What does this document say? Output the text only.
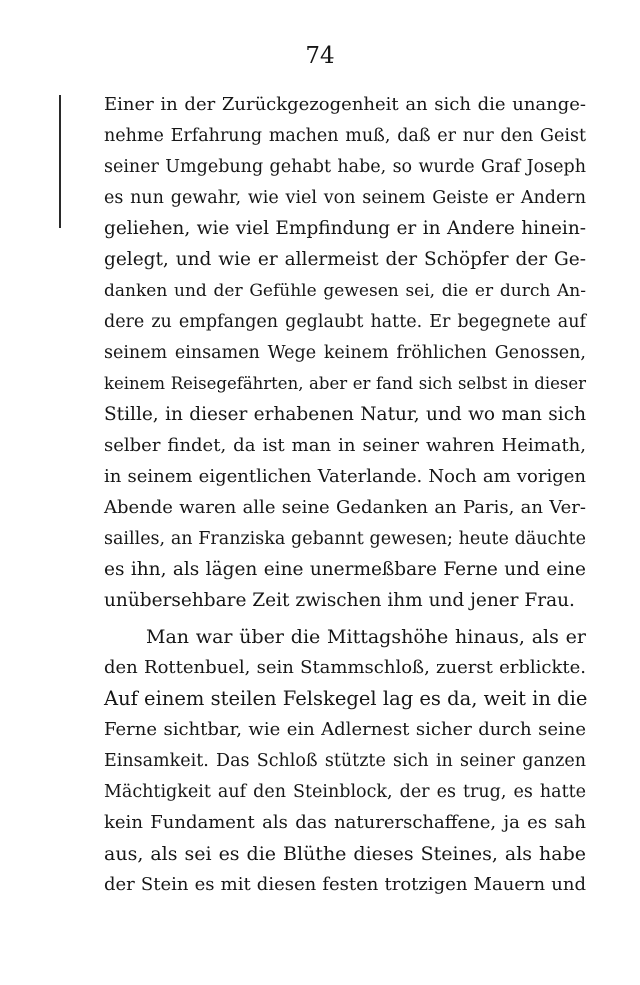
74
Einer in der Zurückgezogenheit an sich die unange-
nehme Erfahrung machen muß, daß er nur den Geist
seiner Umgebung gehabt habe, so wurde Graf Joseph
es nun gewahr, wie viel von seinem Geiste er Andern
geliehen, wie viel Empfindung er in Andere hinein-
gelegt, und wie er allermeist der Schöpfer der Ge-
danken und der Gefühle gewesen sei, die er durch An-
dere zu empfangen geglaubt hatte. Er begegnete auf
seinem einsamen Wege keinem fröhlichen Genossen,
keinem Reisegefährten, aber er fand sich selbst in dieser
Stille, in dieser erhabenen Natur, und wo man sich
selber findet, da ist man in seiner wahren Heimath,
in seinem eigentlichen Vaterlande. Noch am vorigen
Abende waren alle seine Gedanken an Paris, an Ver-
sailles, an Franziska gebannt gewesen; heute däuchte
es ihn, als lägen eine unermeßbare Ferne und eine
unübersehbare Zeit zwischen ihm und jener Frau.
Man war über die Mittagshöhe hinaus, als er
den Rottenbuel, sein Stammschloß, zuerst erblickte.
Auf einem steilen Felskegel lag es da, weit in die
Ferne sichtbar, wie ein Adlernest sicher durch seine
Einsamkeit. Das Schloß stützte sich in seiner ganzen
Mächtigkeit auf den Steinblock, der es trug, es hatte
kein Fundament als das naturerschaffene, ja es sah
aus, als sei es die Blüthe dieses Steines, als habe
der Stein es mit diesen festen trotzigen Mauern und
